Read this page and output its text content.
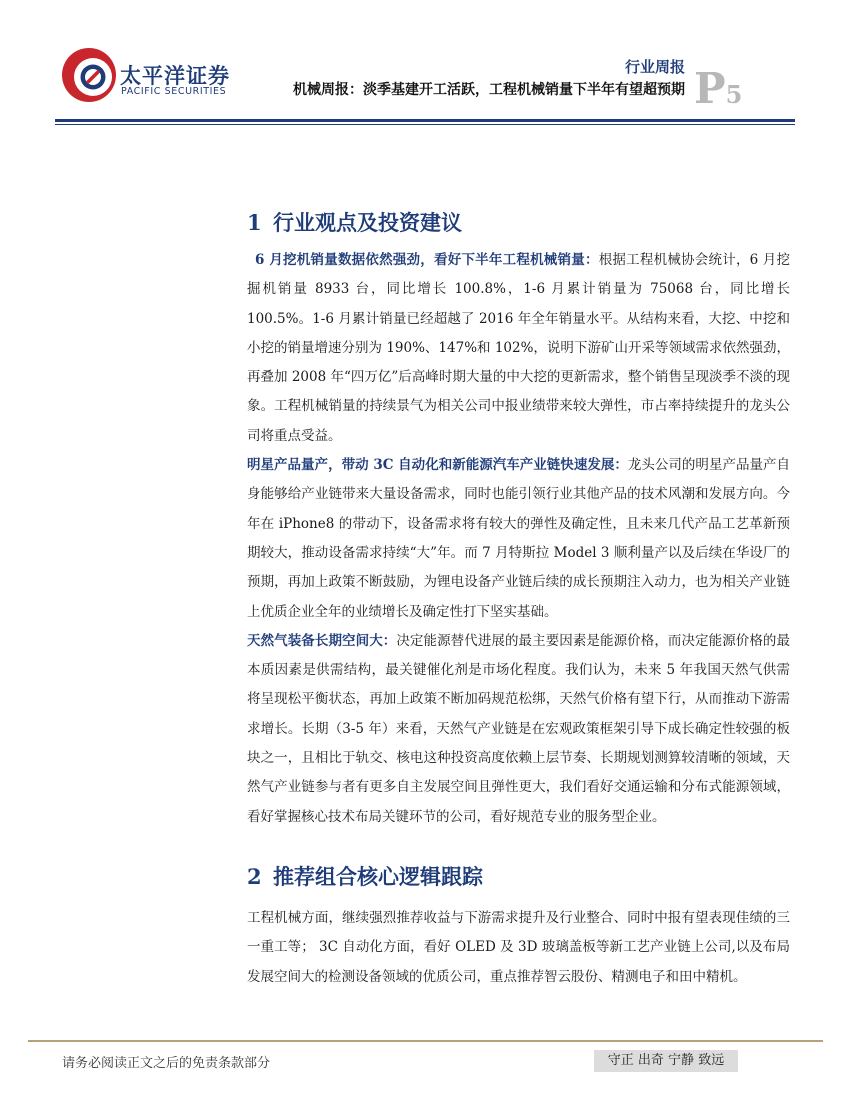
太平洋证券
PACIFIC SECURITIES
行业周报
机械周报：淡季基建开工活跃，工程机械销量下半年有望超预期 P5
1 行业观点及投资建议
6 月挖机销量数据依然强劲，看好下半年工程机械销量：根据工程机械协会统计，6 月挖掘机销量 8933 台，同比增长 100.8%，1-6 月累计销量为 75068 台，同比增长 100.5%。1-6 月累计销量已经超越了 2016 年全年销量水平。从结构来看，大挖、中挖和小挖的销量增速分别为 190%、147%和 102%，说明下游矿山开采等领域需求依然强劲，再叠加 2008 年“四万亿”后高峰时期大量的中大挖的更新需求，整个销售呈现淡季不淡的现象。工程机械销量的持续景气为相关公司中报业绩带来较大弹性，市占率持续提升的龙头公司将重点受益。
明星产品量产，带动 3C 自动化和新能源汽车产业链快速发展：龙头公司的明星产品量产自身能够给产业链带来大量设备需求，同时也能引领行业其他产品的技术风潮和发展方向。今年在 iPhone8 的带动下，设备需求将有较大的弹性及确定性，且未来几代产品工艺革新预期较大，推动设备需求持续“大”年。而 7 月特斯拉 Model 3 顺利量产以及后续在华设厂的预期，再加上政策不断鼓励，为锂电设备产业链后续的成长预期注入动力，也为相关产业链上优质企业全年的业绩增长及确定性打下坚实基础。
天然气装备长期空间大：决定能源替代进展的最主要因素是能源价格，而决定能源价格的最本质因素是供需结构，最关键催化剂是市场化程度。我们认为，未来 5 年我国天然气供需将呈现松平衡状态，再加上政策不断加码规范松绑，天然气价格有望下行，从而推动下游需求增长。长期（3-5 年）来看，天然气产业链是在宏观政策框架引导下成长确定性较强的板块之一，且相比于轨交、核电这种投资高度依赖上层节奏、长期规划测算较清晰的领域，天然气产业链参与者有更多自主发展空间且弹性更大，我们看好交通运输和分布式能源领域，看好掌握核心技术布局关键环节的公司，看好规范专业的服务型企业。
2 推荐组合核心逻辑跟踪
工程机械方面，继续强烈推荐收益与下游需求提升及行业整合、同时中报有望表现佳绩的三一重工等； 3C 自动化方面，看好 OLED 及 3D 玻璃盖板等新工艺产业链上公司,以及布局发展空间大的检测设备领域的优质公司，重点推荐智云股份、精测电子和田中精机。
请务必阅读正文之后的免责条款部分	守正 出奇 宁静 致远
